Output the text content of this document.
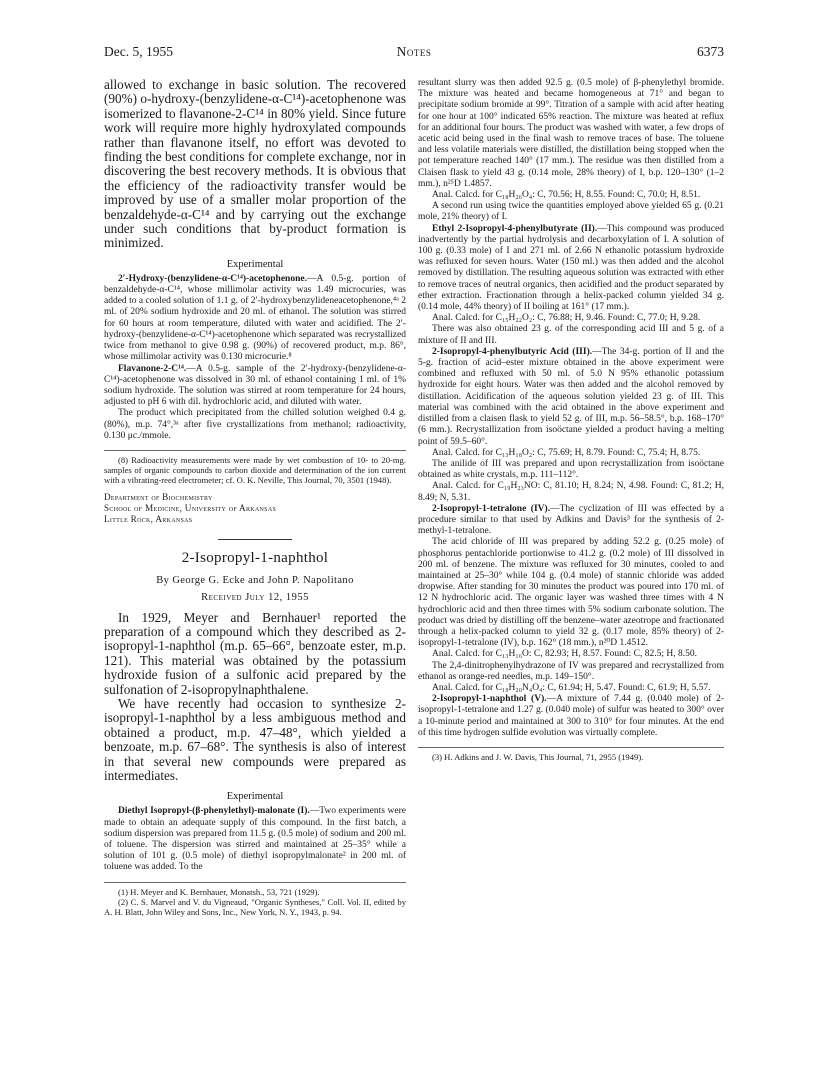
Dec. 5, 1955	Notes	6373

allowed to exchange in basic solution. The recovered (90%) o-hydroxy-(benzylidene-α-C¹⁴)-acetophenone was isomerized to flavanone-2-C¹⁴ in 80% yield. Since future work will require more highly hydroxylated compounds rather than flavanone itself, no effort was devoted to finding the best conditions for complete exchange, nor in discovering the best recovery methods. It is obvious that the efficiency of the radioactivity transfer would be improved by use of a smaller molar proportion of the benzaldehyde-α-C¹⁴ and by carrying out the exchange under such conditions that by-product formation is minimized.

Experimental

2′-Hydroxy-(benzylidene-α-C¹⁴)-acetophenone.—A 0.5-g. portion of benzaldehyde-α-C¹⁴, whose millimolar activity was 1.49 microcuries, was added to a cooled solution of 1.1 g. of 2′-hydroxybenzylideneacetophenone,⁴ᵃ 2 ml. of 20% sodium hydroxide and 20 ml. of ethanol. The solution was stirred for 60 hours at room temperature, diluted with water and acidified. The 2′-hydroxy-(benzylidene-α-C¹⁴)-acetophenone which separated was recrystallized twice from methanol to give 0.98 g. (90%) of recovered product, m.p. 86°, whose millimolar activity was 0.130 microcurie.⁸

Flavanone-2-C¹⁴.—A 0.5-g. sample of the 2′-hydroxy-(benzylidene-α-C¹⁴)-acetophenone was dissolved in 30 ml. of ethanol containing 1 ml. of 1% sodium hydroxide. The solution was stirred at room temperature for 24 hours, adjusted to pH 6 with dil. hydrochloric acid, and diluted with water.

The product which precipitated from the chilled solution weighed 0.4 g. (80%), m.p. 74°,³ᵃ after five crystallizations from methanol; radioactivity, 0.130 μc./mmole.

(8) Radioactivity measurements were made by wet combustion of 10- to 20-mg. samples of organic compounds to carbon dioxide and determination of the ion current with a vibrating-reed electrometer; cf. O. K. Neville, This Journal, 70, 3501 (1948).

Department of Biochemistry
School of Medicine, University of Arkansas
Little Rock, Arkansas
2-Isopropyl-1-naphthol
By George G. Ecke and John P. Napolitano
Received July 12, 1955

In 1929, Meyer and Bernhauer¹ reported the preparation of a compound which they described as 2-isopropyl-1-naphthol (m.p. 65–66°, benzoate ester, m.p. 121). This material was obtained by the potassium hydroxide fusion of a sulfonic acid prepared by the sulfonation of 2-isopropylnaphthalene.

We have recently had occasion to synthesize 2-isopropyl-1-naphthol by a less ambiguous method and obtained a product, m.p. 47–48°, which yielded a benzoate, m.p. 67–68°. The synthesis is also of interest in that several new compounds were prepared as intermediates.

Experimental

Diethyl Isopropyl-(β-phenylethyl)-malonate (I).—Two experiments were made to obtain an adequate supply of this compound. In the first batch, a sodium dispersion was prepared from 11.5 g. (0.5 mole) of sodium and 200 ml. of toluene. The dispersion was stirred and maintained at 25–35° while a solution of 101 g. (0.5 mole) of diethyl isopropylmalonate² in 200 ml. of toluene was added. To the

(1) H. Meyer and K. Bernhauer, Monatsh., 53, 721 (1929).

(2) C. S. Marvel and V. du Vigneaud, "Organic Syntheses," Coll. Vol. II, edited by A. H. Blatt, John Wiley and Sons, Inc., New York, N. Y., 1943, p. 94.

resultant slurry was then added 92.5 g. (0.5 mole) of β-phenylethyl bromide. The mixture was heated and became homogeneous at 71° and began to precipitate sodium bromide at 99°. Titration of a sample with acid after heating for one hour at 100° indicated 65% reaction. The mixture was heated at reflux for an additional four hours. The product was washed with water, a few drops of acetic acid being used in the final wash to remove traces of base. The toluene and less volatile materials were distilled, the distillation being stopped when the pot temperature reached 140° (17 mm.). The residue was then distilled from a Claisen flask to yield 43 g. (0.14 mole, 28% theory) of I, b.p. 120–130° (1–2 mm.), n²⁵D 1.4857.

Anal. Calcd. for C₁₈H₂₆O₄: C, 70.56; H, 8.55. Found: C, 70.0; H, 8.51.

A second run using twice the quantities employed above yielded 65 g. (0.21 mole, 21% theory) of I.

Ethyl 2-Isopropyl-4-phenylbutyrate (II).—This compound was produced inadvertently by the partial hydrolysis and decarboxylation of I. A solution of 100 g. (0.33 mole) of I and 271 ml. of 2.66 N ethanolic potassium hydroxide was refluxed for seven hours. Water (150 ml.) was then added and the alcohol removed by distillation. The resulting aqueous solution was extracted with ether to remove traces of neutral organics, then acidified and the product separated by ether extraction. Fractionation through a helix-packed column yielded 34 g. (0.14 mole, 44% theory) of II boiling at 161° (17 mm.).

Anal. Calcd. for C₁₅H₂₂O₂: C, 76.88; H, 9.46. Found: C, 77.0; H, 9.28.

There was also obtained 23 g. of the corresponding acid III and 5 g. of a mixture of II and III.

2-Isopropyl-4-phenylbutyric Acid (III).—The 34-g. portion of II and the 5-g. fraction of acid–ester mixture obtained in the above experiment were combined and refluxed with 50 ml. of 5.0 N 95% ethanolic potassium hydroxide for eight hours. Water was then added and the alcohol removed by distillation. Acidification of the aqueous solution yielded 23 g. of III. This material was combined with the acid obtained in the above experiment and distilled from a claisen flask to yield 52 g. of III, m.p. 56–58.5°, b.p. 168–170° (6 mm.). Recrystallization from isoöctane yielded a product having a melting point of 59.5–60°.

Anal. Calcd. for C₁₃H₁₈O₂: C, 75.69; H, 8.79. Found: C, 75.4; H, 8.75.

The anilide of III was prepared and upon recrystallization from isoöctane obtained as white crystals, m.p. 111–112°.

Anal. Calcd. for C₁₉H₂₃NO: C, 81.10; H, 8.24; N, 4.98. Found: C, 81.2; H, 8.49; N, 5.31.

2-Isopropyl-1-tetralone (IV).—The cyclization of III was effected by a procedure similar to that used by Adkins and Davis³ for the synthesis of 2-methyl-1-tetralone.

The acid chloride of III was prepared by adding 52.2 g. (0.25 mole) of phosphorus pentachloride portionwise to 41.2 g. (0.2 mole) of III dissolved in 200 ml. of benzene. The mixture was refluxed for 30 minutes, cooled to and maintained at 25–30° while 104 g. (0.4 mole) of stannic chloride was added dropwise. After standing for 30 minutes the product was poured into 170 ml. of 12 N hydrochloric acid. The organic layer was washed three times with 4 N hydrochloric acid and then three times with 5% sodium carbonate solution. The product was dried by distilling off the benzene–water azeotrope and fractionated through a helix-packed column to yield 32 g. (0.17 mole, 85% theory) of 2-isopropyl-1-tetralone (IV), b.p. 162° (18 mm.), n²⁰D 1.4512.

Anal. Calcd. for C₁₃H₁₆O: C, 82.93; H, 8.57. Found: C, 82.5; H, 8.50.

The 2,4-dinitrophenylhydrazone of IV was prepared and recrystallized from ethanol as orange-red needles, m.p. 149–150°.

Anal. Calcd. for C₁₉H₂₀N₄O₄: C, 61.94; H, 5.47. Found: C, 61.9; H, 5.57.

2-Isopropyl-1-naphthol (V).—A mixture of 7.44 g. (0.040 mole) of 2-isopropyl-1-tetralone and 1.27 g. (0.040 mole) of sulfur was heated to 300° over a 10-minute period and maintained at 300 to 310° for four minutes. At the end of this time hydrogen sulfide evolution was virtually complete.

(3) H. Adkins and J. W. Davis, This Journal, 71, 2955 (1949).
